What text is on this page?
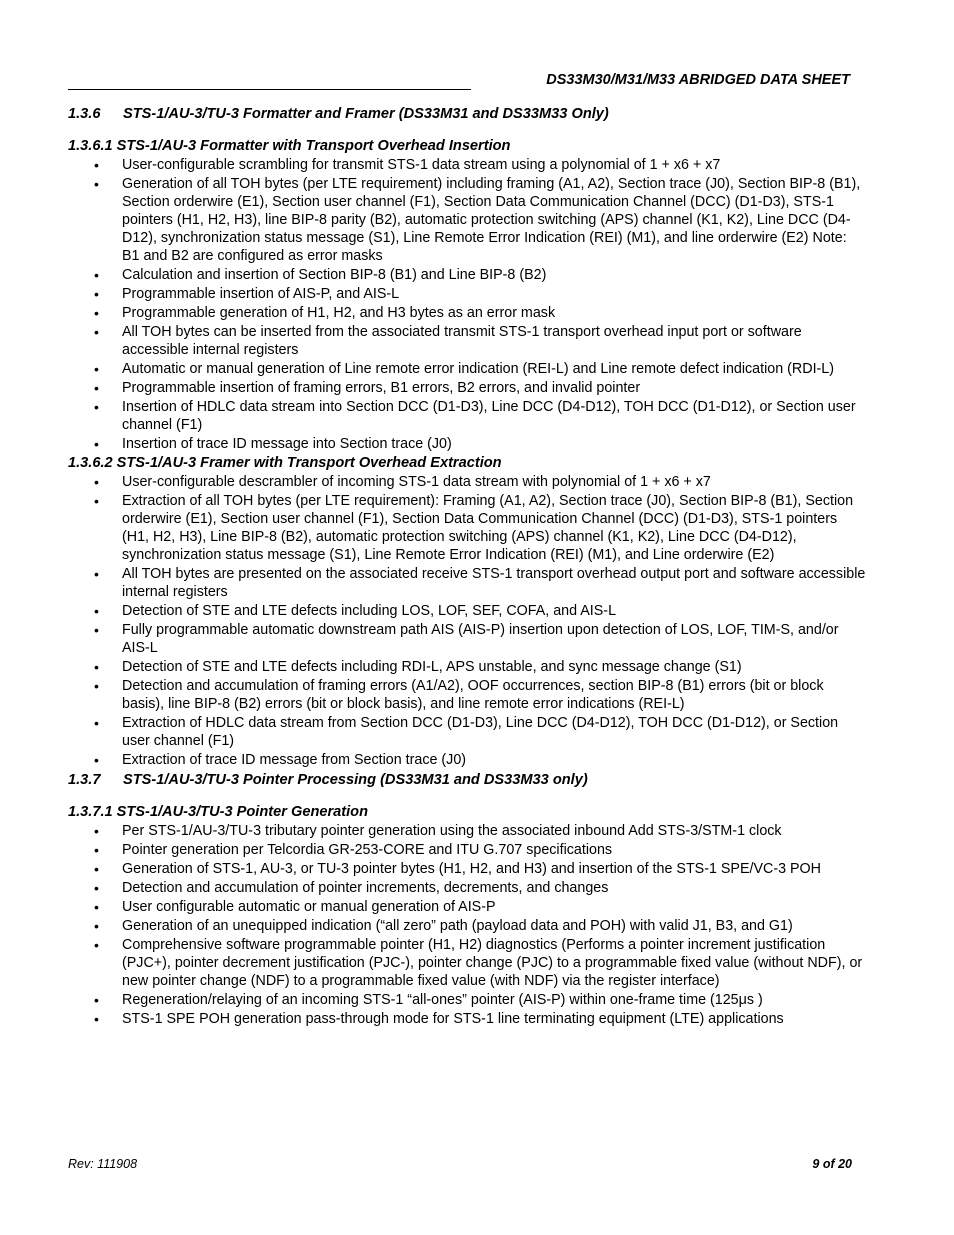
DS33M30/M31/M33 ABRIDGED DATA SHEET
1.3.6 STS-1/AU-3/TU-3 Formatter and Framer (DS33M31 and DS33M33 Only)
1.3.6.1 STS-1/AU-3 Formatter with Transport Overhead Insertion
• User-configurable scrambling for transmit STS-1 data stream using a polynomial of 1 + x6 + x7
• Generation of all TOH bytes (per LTE requirement) including framing (A1, A2), Section trace (J0), Section BIP-8 (B1), Section orderwire (E1), Section user channel (F1), Section Data Communication Channel (DCC) (D1-D3), STS-1 pointers (H1, H2, H3), line BIP-8 parity (B2), automatic protection switching (APS) channel (K1, K2), Line DCC (D4-D12), synchronization status message (S1), Line Remote Error Indication (REI) (M1), and line orderwire (E2) Note: B1 and B2 are configured as error masks
• Calculation and insertion of Section BIP-8 (B1) and Line BIP-8 (B2)
• Programmable insertion of AIS-P, and AIS-L
• Programmable generation of H1, H2, and H3 bytes as an error mask
• All TOH bytes can be inserted from the associated transmit STS-1 transport overhead input port or software accessible internal registers
• Automatic or manual generation of Line remote error indication (REI-L) and Line remote defect indication (RDI-L)
• Programmable insertion of framing errors, B1 errors, B2 errors, and invalid pointer
• Insertion of HDLC data stream into Section DCC (D1-D3), Line DCC (D4-D12), TOH DCC (D1-D12), or Section user channel (F1)
• Insertion of trace ID message into Section trace (J0)
1.3.6.2 STS-1/AU-3 Framer with Transport Overhead Extraction
• User-configurable descrambler of incoming STS-1 data stream with polynomial of 1 + x6 + x7
• Extraction of all TOH bytes (per LTE requirement): Framing (A1, A2), Section trace (J0), Section BIP-8 (B1), Section orderwire (E1), Section user channel (F1), Section Data Communication Channel (DCC) (D1-D3), STS-1 pointers (H1, H2, H3), Line BIP-8 (B2), automatic protection switching (APS) channel (K1, K2), Line DCC (D4-D12), synchronization status message (S1), Line Remote Error Indication (REI) (M1), and Line orderwire (E2)
• All TOH bytes are presented on the associated receive STS-1 transport overhead output port and software accessible internal registers
• Detection of STE and LTE defects including LOS, LOF, SEF, COFA, and AIS-L
• Fully programmable automatic downstream path AIS (AIS-P) insertion upon detection of LOS, LOF, TIM-S, and/or AIS-L
• Detection of STE and LTE defects including RDI-L, APS unstable, and sync message change (S1)
• Detection and accumulation of framing errors (A1/A2), OOF occurrences, section BIP-8 (B1) errors (bit or block basis), line BIP-8 (B2) errors (bit or block basis), and line remote error indications (REI-L)
• Extraction of HDLC data stream from Section DCC (D1-D3), Line DCC (D4-D12), TOH DCC (D1-D12), or Section user channel (F1)
• Extraction of trace ID message from Section trace (J0)
1.3.7 STS-1/AU-3/TU-3 Pointer Processing (DS33M31 and DS33M33 only)
1.3.7.1 STS-1/AU-3/TU-3 Pointer Generation
• Per STS-1/AU-3/TU-3 tributary pointer generation using the associated inbound Add STS-3/STM-1 clock
• Pointer generation per Telcordia GR-253-CORE and ITU G.707 specifications
• Generation of STS-1, AU-3, or TU-3 pointer bytes (H1, H2, and H3) and insertion of the STS-1 SPE/VC-3 POH
• Detection and accumulation of pointer increments, decrements, and changes
• User configurable automatic or manual generation of AIS-P
• Generation of an unequipped indication (“all zero” path (payload data and POH) with valid J1, B3, and G1)
• Comprehensive software programmable pointer (H1, H2) diagnostics (Performs a pointer increment justification (PJC+), pointer decrement justification (PJC-), pointer change (PJC) to a programmable fixed value (without NDF), or new pointer change (NDF) to a programmable fixed value (with NDF) via the register interface)
• Regeneration/relaying of an incoming STS-1 “all-ones” pointer (AIS-P) within one-frame time (125μs )
• STS-1 SPE POH generation pass-through mode for STS-1 line terminating equipment (LTE) applications
Rev: 111908	9 of 20
